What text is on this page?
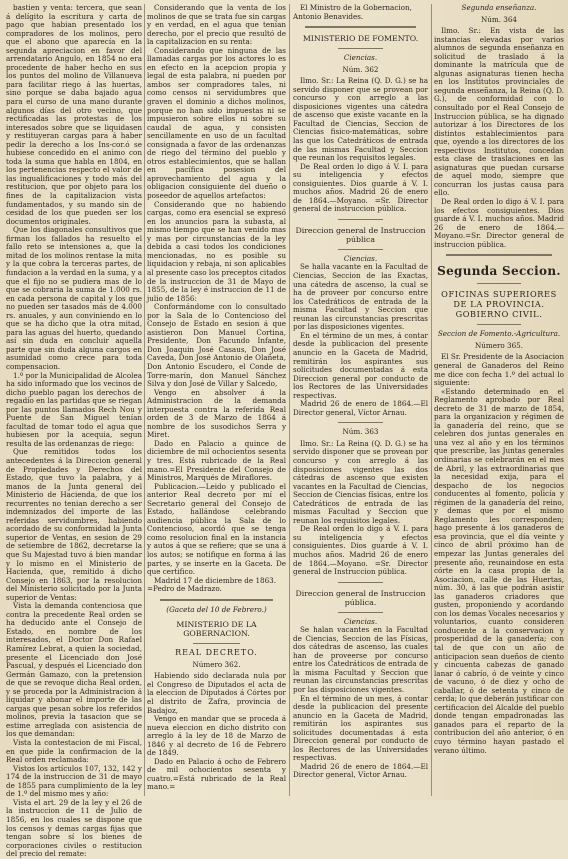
bastien y venta: tercera, que sean á delígito la escritura y carta de pago que habian presentado los compradores de los molinos, pero que el abono que aparecía en la segunda apreciacion en favor del arrendatario Angulo, en 1854 no era procedente de haber hecho en sus los puntos del molino de Villanueva para facilitar riego á las huertas, sino porque se daba bajado agua para el curso de una mano durante algunos días del otro vecino, que rectificadas las protestas de los interesados sobre que se liquidasen y restituyeran cargas para á haber pedir la derecho a los Ins-cor.ó se hubiese concedido en el animo con toda la suma que habla en 1804, en los pertenencias respecto el valor de las ingualificaciones y todo más del restitucion, que por objeto para los fines de la capitalizacion vista fundamentados, y su mando sin de cesidad de los que pueden ser los documentos originales.

Que los diagonales consultivos que firman los fallados ha resuelto el fallo reto se intensiones a, que la mitad de los molinos rentase la mita y la que cobra la terceras partes, de fundacion a la verdad en la suma, y a que el fijo no se pudiera mas de lo que se cobraria la suma de 1.000 rs. en cada persona de capital y los que no pueden ser tasados más de 4.000 rs. anuales, y aun conviniendo en lo que se ha dicho que la otra mitad, para las aguas del huerto, quedando así sin duda en concluir aquella parte que sin duda alguna cargos en asumidad como crece para toda compensacion.

1.º por la Municipalidad de Alcolea ha sido informado que los vecinos de dicho pueblo pagan los derechos de regadío en las partidas que se riegan por las puntos llamados Rech Nou y Puente de San Miguel tenían facultad de tomar todo el agua que hubiesen por la acequia, segun resulta de las ordenanzas de riego:

Que remitidos todos los antecedentes á la Direccion general de Propiedades y Derechos del Estado, que tuvo la palabra, y á manos de la Junta general del Ministerio de Hacienda, de que los recurrentes no tenian derecho a ser indemnizados del importe de las referidas servidumbres, habiendo acordado de su conformidad la Junta superior de Ventas, en sesion de 29 de setiembre de 1862, decretarse la que Su Majestad tuvo á bien mandar y lo mismo en el Ministerio de Hacienda, que, remitido á dicho Consejo en 1863, por la resolucion del Ministerio solicitado por la Junta superior de Ventas:

Vista la demanda contenciosa que contra la precedente Real orden se ha deducido ante el Consejo de Estado, en nombre de los interesados, el Doctor Don Rafael Ramírez Lebrat, a quien la sociedad, presente el Licenciado don José Pascual, y después el Licenciado don Germán Gamazo, con la pretension de que se revoque dicha Real orden, y se proceda por la Administracion á liquidar y abonar el importe de las cargas que pesan sobre los referidos molinos, previa la tasacion que se estime arreglada con asistencia de los que demandan:

Vista la contestacion de mi Fiscal, en que pide la confirmacion de la Real orden reclamada:

Vistos los artículos 107, 132, 142 y 174 de la instruccion de 31 de mayo de 1855 para cumplimiento de la ley de 1.º del mismo mes y año:

Vista el art. 29 de la ley y el 26 de la instruccion de 11 de Julio de 1856, en los cuales se dispone que los censos y demas cargas fijas que tengan sobre sí los bienes de corporaciones civiles o restitucion del precio del remate:

Considerando que la venta de los molinos de que se trata fue sin cargas y en verdad, en el agua que tenían derecho, por el precio que resultó de la capitalizacion en su renta:

Considerando que ninguna de las llamadas cargas por los actores lo es en efecto en la acepcion propia y legal de esta palabra, ni pueden por ambos ser compradores tales, ni como censos ni servidumbres que graven el dominio a dichos molinos, porque no han sido impuestas ni se impusieron sobre ellos ni sobre su caudal de agua, y consisten sencillamente en uso de un facultad consignada a favor de las ordenanzas de riego del término del pueblo y otros establecimientos, que se hallan en pacífica posesion del aprovechamiento del agua y la obligacion consiguiente del dueño o poseedor de aquellos artefactos:

Considerando que no habiendo cargas, como era esencial se expresó en los anuncios para la subasta, al mismo tiempo que se han venido mas y mas por circunstancias de la ley debida a casi todos los condiciones mencionadas, no es posible su liquidacion y rebaja, ni son aplicables al presente caso los preceptos citados de la instruccion de 31 de Mayo de 1855, de la ley é instruccion de 11 de julio de 1856:

Conformándome con lo consultado por la Sala de lo Contencioso del Consejo de Estado en sesion á que asistieron Don Manuel Cortina, Presidente, Don Facundo Infante, Don Joaquin José Casaus, Don José Caveda, Don José Antonio de Olañeta, Don Antonio Escudero, el Conde de Torre-marín, don Manuel Sánchez Silva y don José de Villar y Salcedo,

Vengo en absolver á la Administracion de la demanda interpuesta contra la referida Real orden de 3 de Marzo de 1864 á nombre de los susodichos Serra y Miret.

Dado en Palacio a quince de diciembre de mil ochocientos sesenta y tres. Está rubricado de la Real mano.=El Presidente del Consejo de Ministros, Marqués de Miraflores.

Publicacion.—Leido y publicado el anterior Real decreto por mí el Secretario general del Consejo de Estado, hallándose celebrando audiencia pública la Sala de lo Contencioso, acordó que se tenga como resolucion final en la instancia y autos á que se refiere; que se una á los autos; se notifique en forma á las partes, y se inserte en la Gaceta. De que certifico.

Madrid 17 de diciembre de 1863. =Pedro de Madrazo.

(Gaceta del 10 de Febrero.)

MINISTERIO DE LA GOBERNACION.

REAL DECRETO.

Número 362.

Habiendo sido declarada nula por el Congreso de Diputados el acta de la eleccion de Diputados á Córtes por el distrito de Zafra, provincia de Badajoz,

Vengo en mandar que se proceda á nueva eleccion en dicho distrito con arreglo á la ley de 18 de Marzo de 1846 y al decreto de 16 de Febrero de 1849.

Dado en Palacio á ocho de Febrero de mil ochocientos sesenta y cuatro.=Está rubricado de la Real mano.=

El Ministro de la Gobernacion, Antonio Benavides.

MINISTERIO DE FOMENTO.

Ciencias.

Núm. 362

Ilmo. Sr.: La Reina (Q. D. G.) se ha servido disponer que se provean por concurso y con arreglo a las disposiciones vigentes una cátedra de ascenso que existe vacante en la Facultad de Ciencias, Seccion de Ciencias fisico-matemáticas, sobre las que los Catedráticos de entrada de las mismas Facultad y Seccion que reunan los requisitos legales.

De Real orden lo digo á V. I. para su inteligencia y efectos consiguientes. Dios guarde á V. I. muchos años. Madrid 26 de enero de 1864.—Moyano. =Sr. Director general de instruccion pública.

Direccion general de Instruccion pública

Ciencias.

Se halla vacante en la Facultad de Ciencias, Seccion de las Exactas, una cátedra de ascenso, la cual se ha de proveer por concurso entre los Catedráticos de entrada de la misma Facultad y Seccion que reunan las circunstancias prescritas por las disposiciones vigentes.

En el término de un mes, á contar desde la publicacion del presente anuncio en la Gaceta de Madrid, remitirán los aspirantes sus solicitudes documentadas á esta Direccion general por conducto de los Rectores de las Universidades respectivas.

Madrid 26 de enero de 1864.—El Director general, Víctor Arnau.

Núm. 363

Ilmo. Sr.: La Reina (Q. D. G.) se ha servido disponer que se provean por concurso y con arreglo á las disposiciones vigentes las dos cátedras de ascenso que existen vacantes en la Facultad de Ciencias, Seccion de Ciencias físicas, entre los Catedráticos de entrada de las mismas Facultad y Seccion que reunan los requisitos legales.

De Real orden lo digo á V. I. para su inteligencia y efectos consiguientes. Dios guarde á V. I. muchos años. Madrid 26 de enero de 1864.—Moyano. =Sr. Director general de Instruccion pública.

Direccion general de Instruccion pública.

Ciencias.

Se halan vacantes en la Facultad de Ciencias, Seccion de las Físicas, dos cátedras de ascenso, las cuales han de proveerse por concurso entre los Catedráticos de entrada de la misma Facultad y Seccion que reunan las circunstancias prescritas por las disposiciones vigentes.

En el término de un mes, á contar desde la publicacion del presente anuncio en la Gaceta de Madrid, remitirán los aspirantes sus solicitudes documentadas á esta Direccion general por conducto de los Rectores de las Universidades respectivas.

Madrid 26 de enero de 1864.—El Director general, Víctor Arnau.

Segunda enseñanza.

Núm. 364

Ilmo. Sr.: En vista de las instancias elevadas por varios alumnos de segunda enseñanza en solicitud de traslado á la dominante la matrícula que de algunas asignaturas tienen hecha en los Institutos provinciales de segunda enseñanza, la Reina (Q. D. G.), de conformidad con lo consultado por el Real Consejo de Instruccion pública, se ha dignado autorizar á los Directores de los distintos establecimientos para que, oyendo a los directores de los respectivos Institutos, concedan esta clase de traslaciones en las asignaturas que puedan cursarse de aquel modo, siempre que concurran los justas causa para ello.

De Real orden lo digo á V. I. para los efectos consiguientes. Dios guarde á V. I. muchos años. Madrid 26 de enero de 1864.—Moyano.=Sr. Director general de instruccion pública.

Segunda Seccion.

OFICINAS SUPERIORES DE LA PROVINCIA.

GOBIERNO CIVIL.

Seccion de Fomento.-Agricultura.

Número 365.

El Sr. Presidente de la Asociacion general de Ganaderos del Reino me dice con fecha 1.º del actual lo siguiente:

«Estando determinado en el Reglamento aprobado por Real decreto de 31 de marzo de 1854, para la organizacion y régimen de la ganadería del reino, que se celebren dos juntas generales en una vez al año y en los términos que prescribe, las Juntas generales ordinarias se celebrarán en el mes de Abril, y las extraordinarias que la necesidad exija, para el despacho de los negocios conducentes al fomento, policía y régimen de la ganadería del reino, y demas que por el mismo Reglamento les corresponden; hago presente á los ganaderos de esa provincia, que el día veinte y cinco de abril próximo han de empezar las Juntas generales del presente año, reunaindose en esta córte en la casa propia de la Asociacion, calle de las Huertas, núm. 30, á las que podrán asistir las ganaderos criadores que gusten, proponiendo y acordando con los demas Vocales necesarios y voluntarios, cuanto consideren conducente a la conservacion y prosperidad de la ganadería; con tal de que con un año de anticipacion sean dueños de ciento y cincuenta cabezas de ganado lanar ó cabrío, ó de veinte y cinco de vacuno, ó de diez y ocho de caballar, ó de setenta y cinco de cerda; lo que deberán justificar con certificacion del Alcalde del pueblo donde tengan empadronadas las ganados para el reparto de la contribucion del año anterior, ó en cuyo término hayan pastado el verano último.
